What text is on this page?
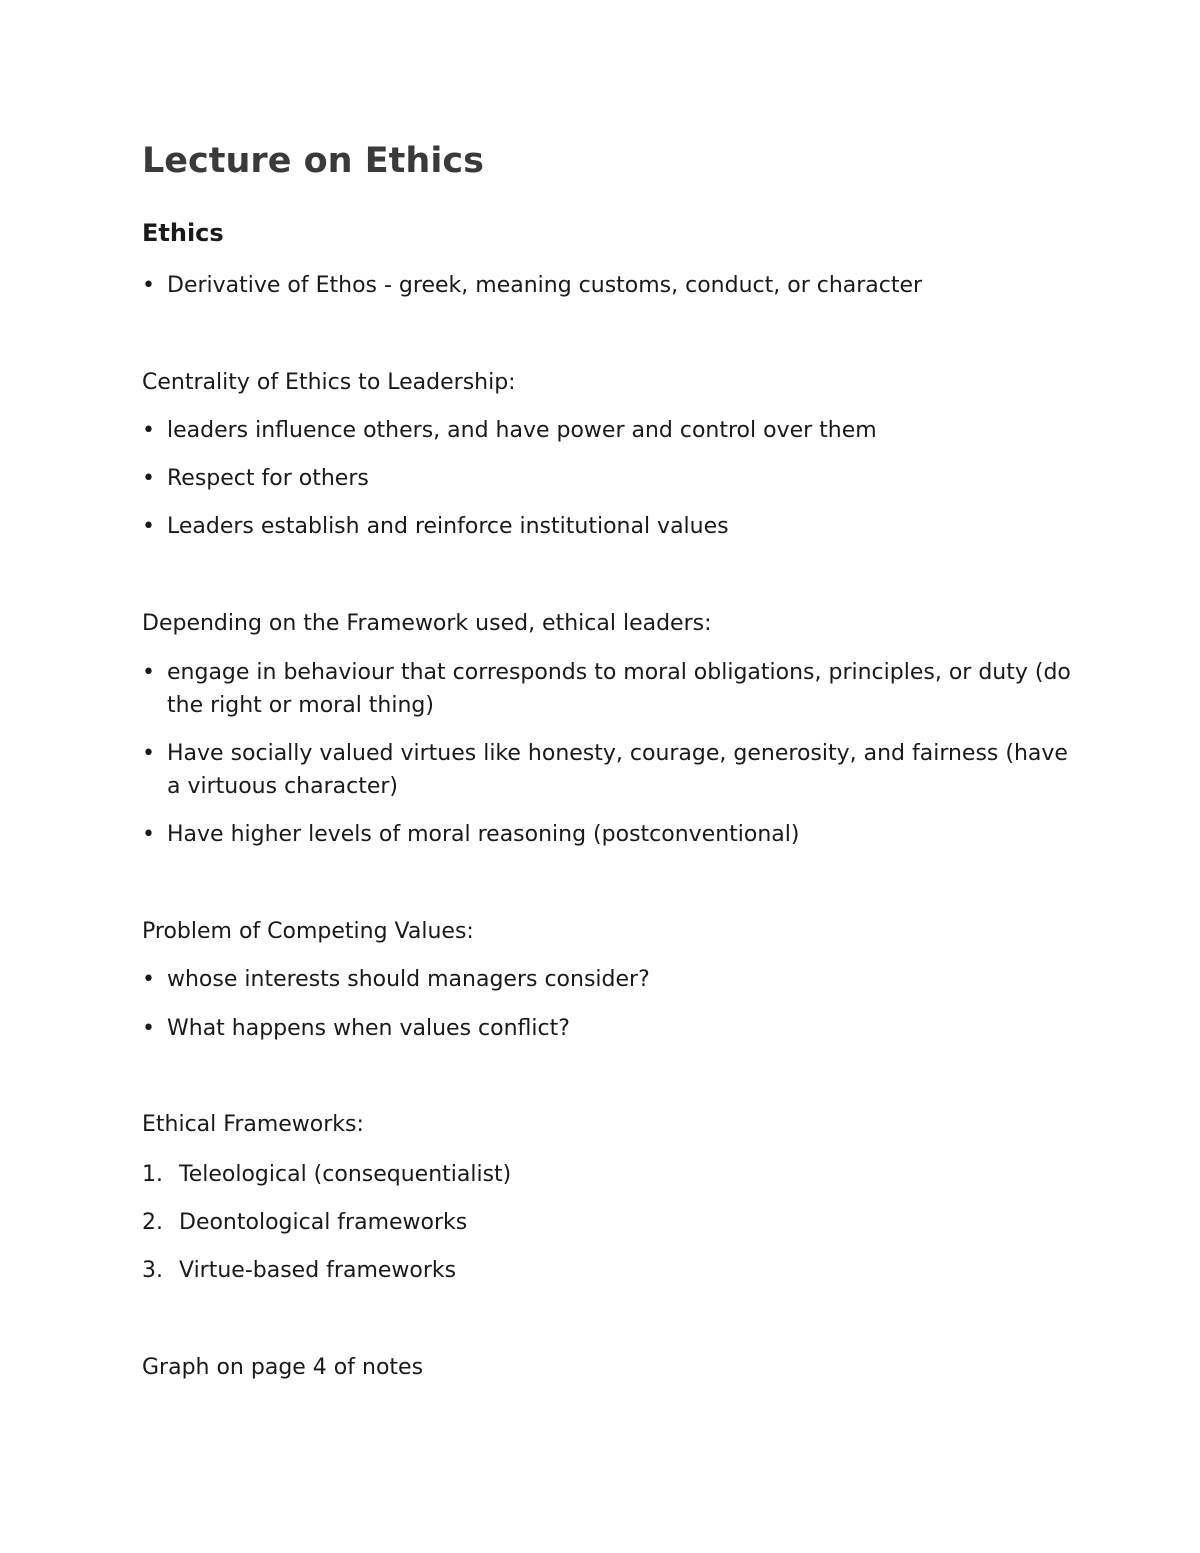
Lecture on Ethics
Ethics
• Derivative of Ethos - greek, meaning customs, conduct, or character

Centrality of Ethics to Leadership:

• leaders influence others, and have power and control over them
• Respect for others
• Leaders establish and reinforce institutional values

Depending on the Framework used, ethical leaders:

• engage in behaviour that corresponds to moral obligations, principles, or duty (do the right or moral thing)
• Have socially valued virtues like honesty, courage, generosity, and fairness (have a virtuous character)
• Have higher levels of moral reasoning (postconventional)

Problem of Competing Values:

• whose interests should managers consider?
• What happens when values conflict?

Ethical Frameworks:

1. Teleological (consequentialist)
2. Deontological frameworks
3. Virtue-based frameworks

Graph on page 4 of notes
